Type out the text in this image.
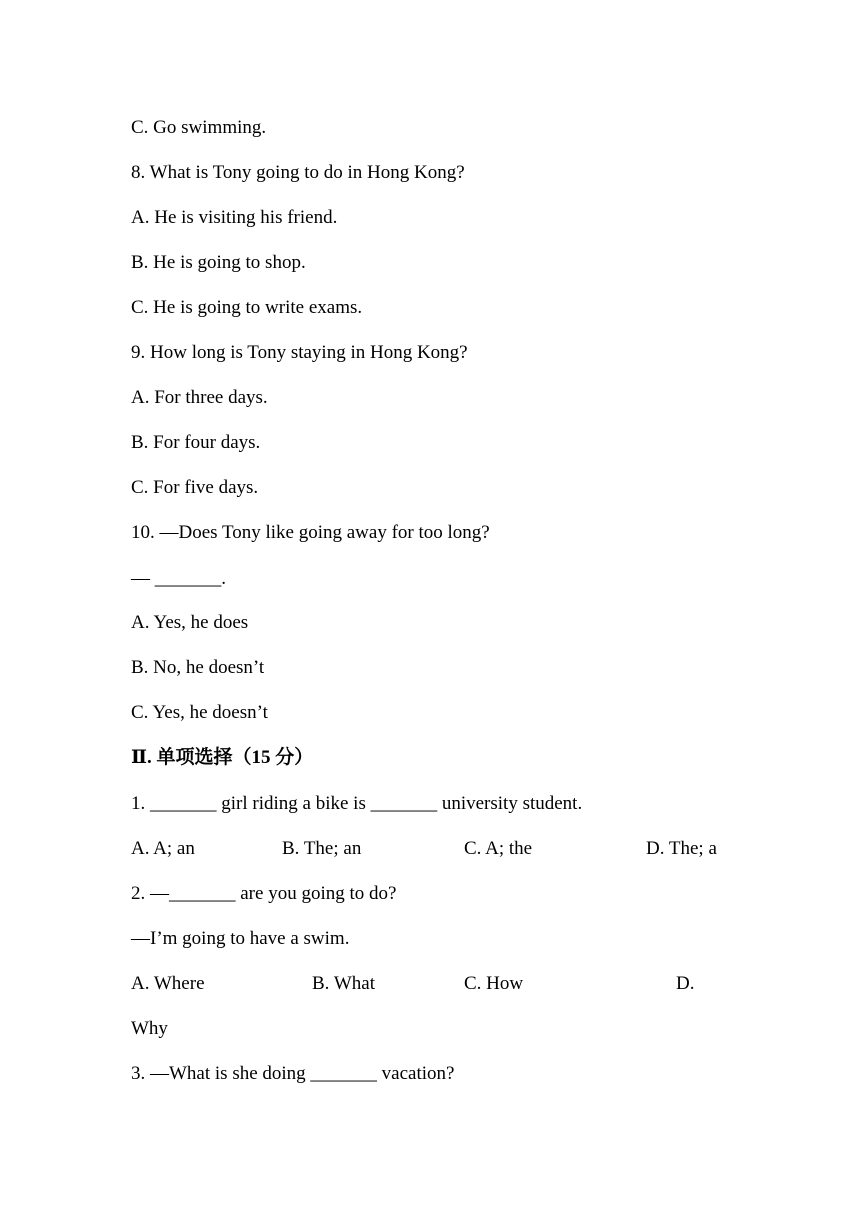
C. Go swimming.
8. What is Tony going to do in Hong Kong?
A. He is visiting his friend.
B. He is going to shop.
C. He is going to write exams.
9. How long is Tony staying in Hong Kong?
A. For three days.
B. For four days.
C. For five days.
10. —Does Tony like going away for too long?
— _______.
A. Yes, he does
B. No, he doesn’t
C. Yes, he doesn’t
Ⅱ. 单项选择（15 分）
1. _______ girl riding a bike is _______ university student.
A. A; an	B. The; an	C. A; the	D. The; a
2. —_______ are you going to do?
—I’m going to have a swim.
A. Where	B. What	C. How	D.
Why
3. —What is she doing _______ vacation?
